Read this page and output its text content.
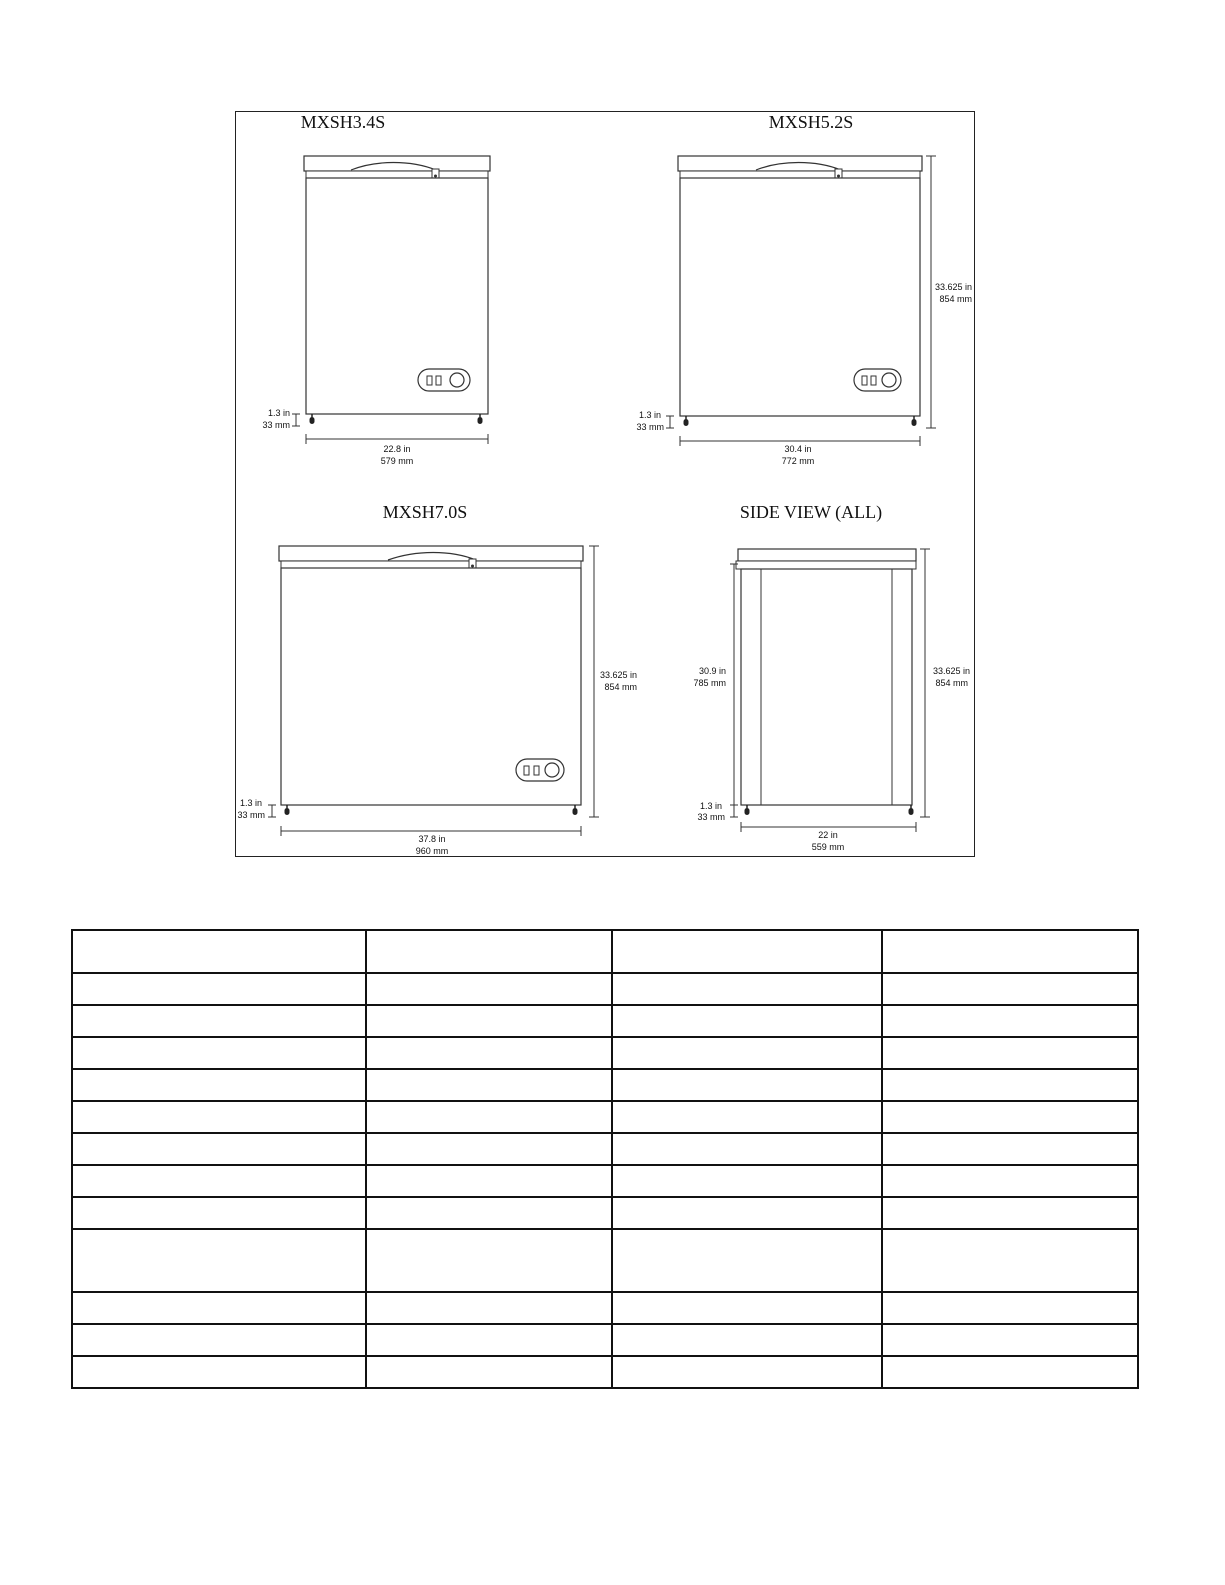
MXSH3.4S
1.3 in
33 mm
22.8 in
579 mm
MXSH5.2S
33.625 in
854 mm
1.3 in
33 mm
30.4 in
772 mm
MXSH7.0S
33.625 in
854 mm
1.3 in
33 mm
37.8 in
960 mm
SIDE VIEW (ALL)
30.9 in
785 mm
33.625 in
854 mm
1.3 in
33 mm
22 in
559 mm
